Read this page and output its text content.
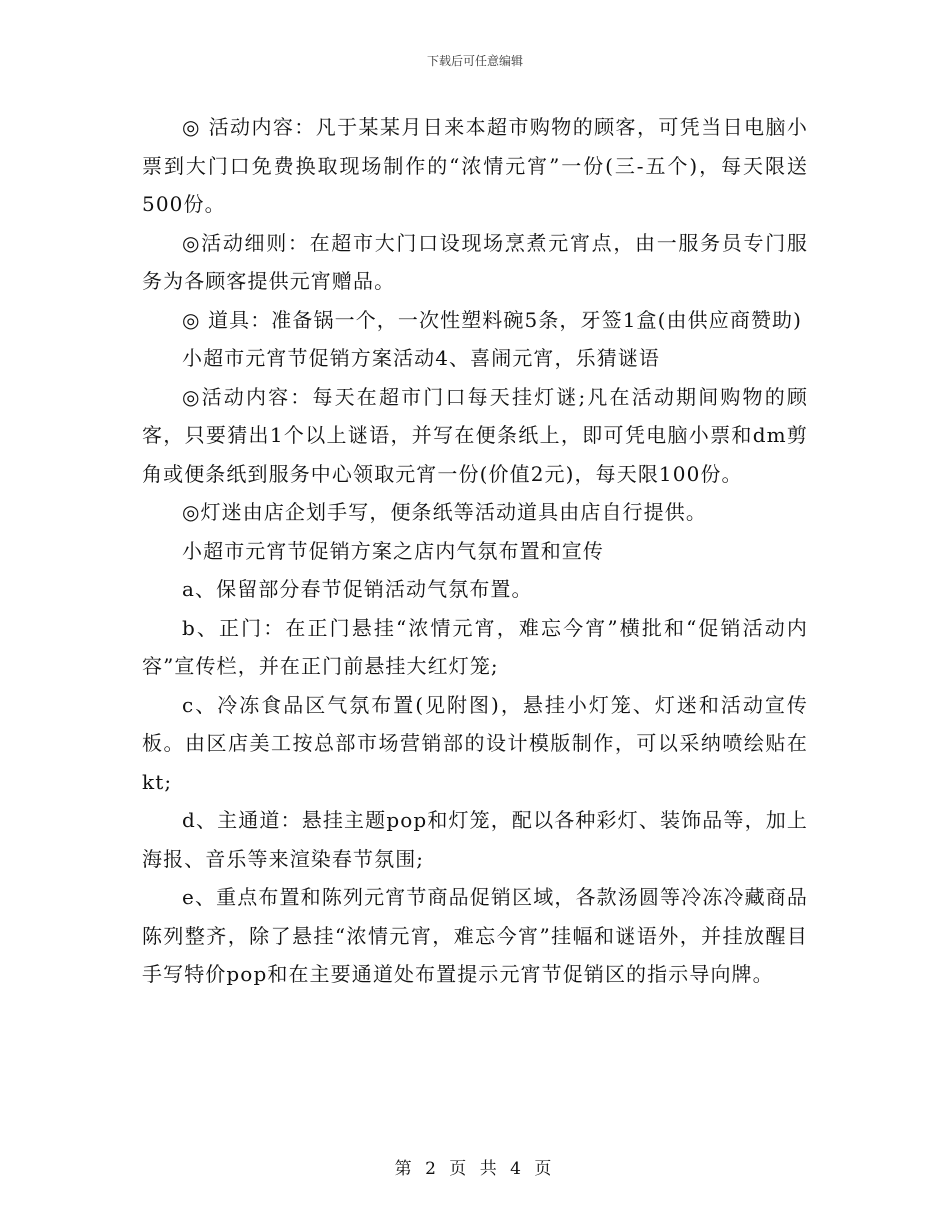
下载后可任意编辑

◎ 活动内容：凡于某某月日来本超市购物的顾客，可凭当日电脑小票到大门口免费换取现场制作的“浓情元宵”一份(三-五个)，每天限送500份。

◎活动细则：在超市大门口设现场烹煮元宵点，由一服务员专门服务为各顾客提供元宵赠品。

◎ 道具：准备锅一个，一次性塑料碗5条，牙签1盒(由供应商赞助)

小超市元宵节促销方案活动4、喜闹元宵，乐猜谜语

◎活动内容：每天在超市门口每天挂灯谜;凡在活动期间购物的顾客，只要猜出1个以上谜语，并写在便条纸上，即可凭电脑小票和dm剪角或便条纸到服务中心领取元宵一份(价值2元)，每天限100份。

◎灯迷由店企划手写，便条纸等活动道具由店自行提供。

小超市元宵节促销方案之店内气氛布置和宣传

a、保留部分春节促销活动气氛布置。

b、正门：在正门悬挂“浓情元宵，难忘今宵”横批和“促销活动内容”宣传栏，并在正门前悬挂大红灯笼;

c、冷冻食品区气氛布置(见附图)，悬挂小灯笼、灯迷和活动宣传板。由区店美工按总部市场营销部的设计模版制作，可以采纳喷绘贴在kt;

d、主通道：悬挂主题pop和灯笼，配以各种彩灯、装饰品等，加上海报、音乐等来渲染春节氛围;

e、重点布置和陈列元宵节商品促销区域，各款汤圆等冷冻冷藏商品陈列整齐，除了悬挂“浓情元宵，难忘今宵”挂幅和谜语外，并挂放醒目手写特价pop和在主要通道处布置提示元宵节促销区的指示导向牌。

第 2 页 共 4 页
